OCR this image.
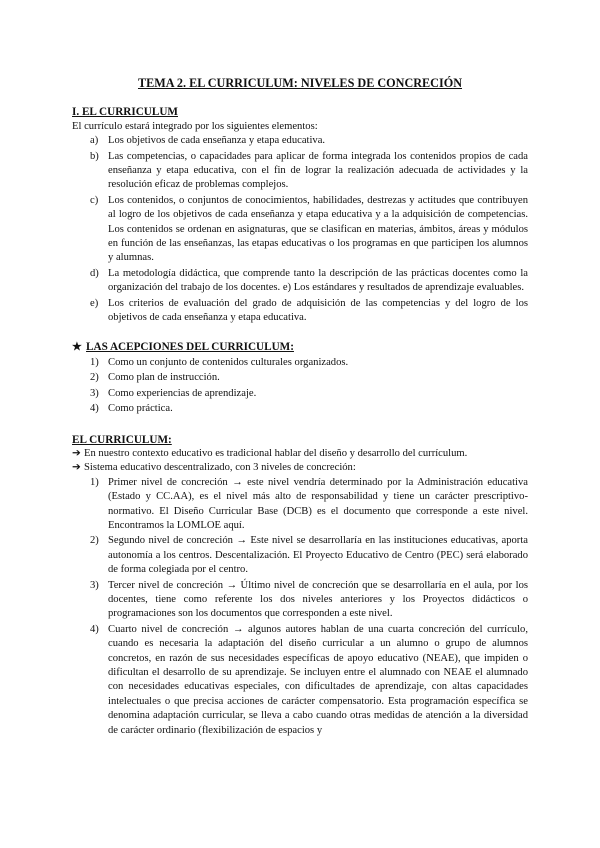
TEMA 2. EL CURRICULUM: NIVELES DE CONCRECIÓN
I. EL CURRICULUM

El currículo estará integrado por los siguientes elementos:

a) Los objetivos de cada enseñanza y etapa educativa.
b) Las competencias, o capacidades para aplicar de forma integrada los contenidos propios de cada enseñanza y etapa educativa, con el fin de lograr la realización adecuada de actividades y la resolución eficaz de problemas complejos.
c) Los contenidos, o conjuntos de conocimientos, habilidades, destrezas y actitudes que contribuyen al logro de los objetivos de cada enseñanza y etapa educativa y a la adquisición de competencias. Los contenidos se ordenan en asignaturas, que se clasifican en materias, ámbitos, áreas y módulos en función de las enseñanzas, las etapas educativas o los programas en que participen los alumnos y alumnas.
d) La metodología didáctica, que comprende tanto la descripción de las prácticas docentes como la organización del trabajo de los docentes. e) Los estándares y resultados de aprendizaje evaluables.
e) Los criterios de evaluación del grado de adquisición de las competencias y del logro de los objetivos de cada enseñanza y etapa educativa.
★ LAS ACEPCIONES DEL CURRICULUM:
1) Como un conjunto de contenidos culturales organizados.
2) Como plan de instrucción.
3) Como experiencias de aprendizaje.
4) Como práctica.
EL CURRICULUM:

➔ En nuestro contexto educativo es tradicional hablar del diseño y desarrollo del currículum.

➔ Sistema educativo descentralizado, con 3 niveles de concreción:

1) Primer nivel de concreción → este nivel vendría determinado por la Administración educativa (Estado y CC.AA), es el nivel más alto de responsabilidad y tiene un carácter prescriptivo-normativo. El Diseño Curricular Base (DCB) es el documento que corresponde a este nivel. Encontramos la LOMLOE aquí.
2) Segundo nivel de concreción → Este nivel se desarrollaría en las instituciones educativas, aporta autonomía a los centros. Descentalización. El Proyecto Educativo de Centro (PEC) será elaborado de forma colegiada por el centro.
3) Tercer nivel de concreción → Último nivel de concreción que se desarrollaría en el aula, por los docentes, tiene como referente los dos niveles anteriores y los Proyectos didácticos o programaciones son los documentos que corresponden a este nivel.
4) Cuarto nivel de concreción → algunos autores hablan de una cuarta concreción del currículo, cuando es necesaria la adaptación del diseño curricular a un alumno o grupo de alumnos concretos, en razón de sus necesidades específicas de apoyo educativo (NEAE), que impiden o dificultan el desarrollo de su aprendizaje. Se incluyen entre el alumnado con NEAE el alumnado con necesidades educativas especiales, con dificultades de aprendizaje, con altas capacidades intelectuales o que precisa acciones de carácter compensatorio. Esta programación específica se denomina adaptación curricular, se lleva a cabo cuando otras medidas de atención a la diversidad de carácter ordinario (flexibilización de espacios y
